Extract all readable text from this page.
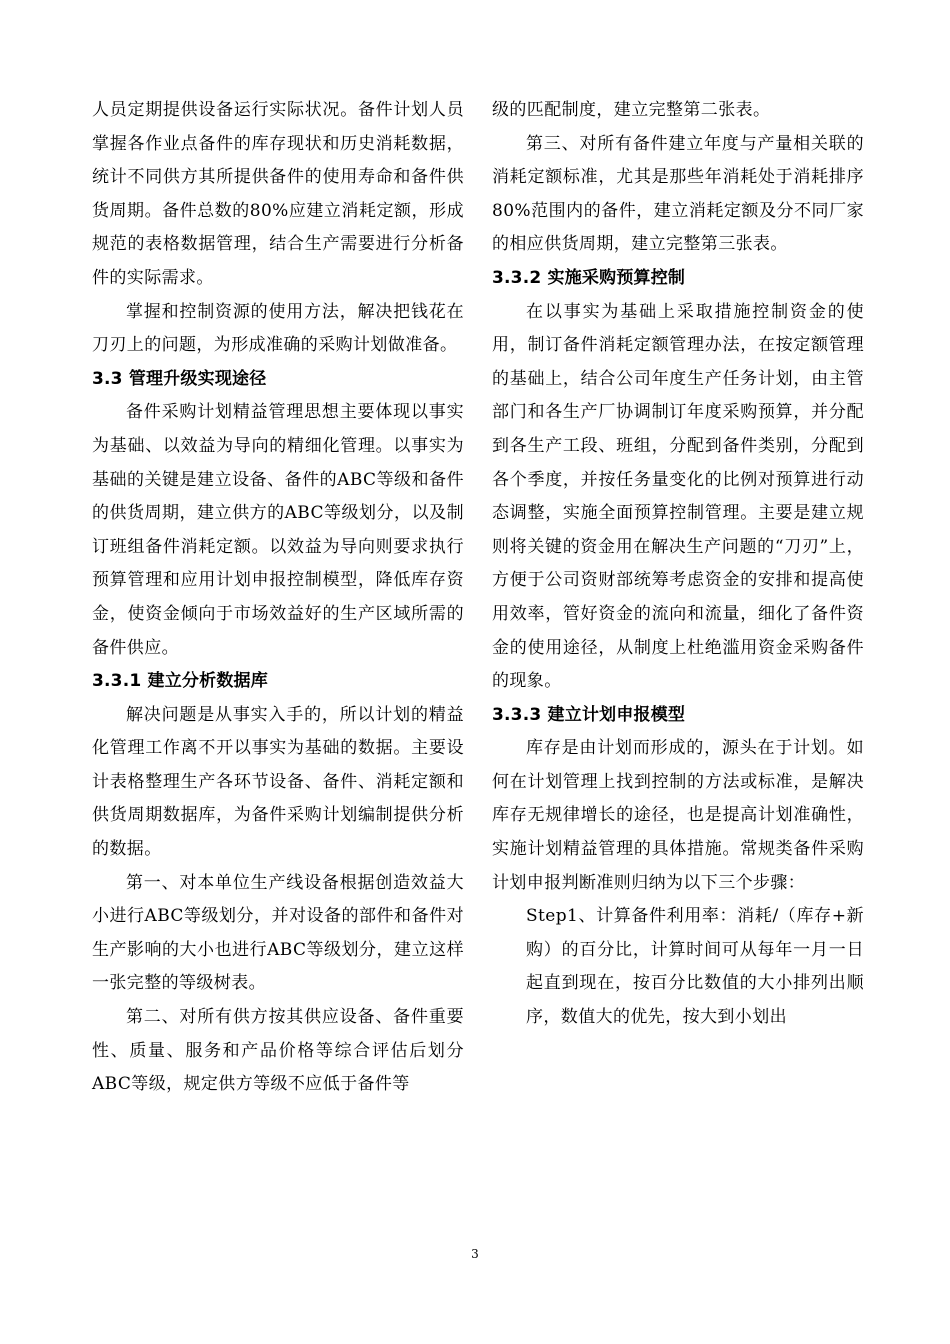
人员定期提供设备运行实际状况。备件计划人员掌握各作业点备件的库存现状和历史消耗数据，统计不同供方其所提供备件的使用寿命和备件供货周期。备件总数的80%应建立消耗定额，形成规范的表格数据管理，结合生产需要进行分析备件的实际需求。

掌握和控制资源的使用方法，解决把钱花在刀刃上的问题，为形成准确的采购计划做准备。

3.3 管理升级实现途径

备件采购计划精益管理思想主要体现以事实为基础、以效益为导向的精细化管理。以事实为基础的关键是建立设备、备件的ABC等级和备件的供货周期，建立供方的ABC等级划分，以及制订班组备件消耗定额。以效益为导向则要求执行预算管理和应用计划申报控制模型，降低库存资金，使资金倾向于市场效益好的生产区域所需的备件供应。

3.3.1 建立分析数据库

解决问题是从事实入手的，所以计划的精益化管理工作离不开以事实为基础的数据。主要设计表格整理生产各环节设备、备件、消耗定额和供货周期数据库，为备件采购计划编制提供分析的数据。

第一、对本单位生产线设备根据创造效益大小进行ABC等级划分，并对设备的部件和备件对生产影响的大小也进行ABC等级划分，建立这样一张完整的等级树表。

第二、对所有供方按其供应设备、备件重要性、质量、服务和产品价格等综合评估后划分ABC等级，规定供方等级不应低于备件等

级的匹配制度，建立完整第二张表。

第三、对所有备件建立年度与产量相关联的消耗定额标准，尤其是那些年消耗处于消耗排序80%范围内的备件，建立消耗定额及分不同厂家的相应供货周期，建立完整第三张表。

3.3.2 实施采购预算控制

在以事实为基础上采取措施控制资金的使用，制订备件消耗定额管理办法，在按定额管理的基础上，结合公司年度生产任务计划，由主管部门和各生产厂协调制订年度采购预算，并分配到各生产工段、班组，分配到备件类别，分配到各个季度，并按任务量变化的比例对预算进行动态调整，实施全面预算控制管理。主要是建立规则将关键的资金用在解决生产问题的“刀刃”上，方便于公司资财部统筹考虑资金的安排和提高使用效率，管好资金的流向和流量，细化了备件资金的使用途径，从制度上杜绝滥用资金采购备件的现象。

3.3.3 建立计划申报模型

库存是由计划而形成的，源头在于计划。如何在计划管理上找到控制的方法或标准，是解决库存无规律增长的途径，也是提高计划准确性，实施计划精益管理的具体措施。常规类备件采购计划申报判断准则归纳为以下三个步骤：

Step1、计算备件利用率：消耗/（库存+新购）的百分比，计算时间可从每年一月一日起直到现在，按百分比数值的大小排列出顺序，数值大的优先，按大到小划出

3
